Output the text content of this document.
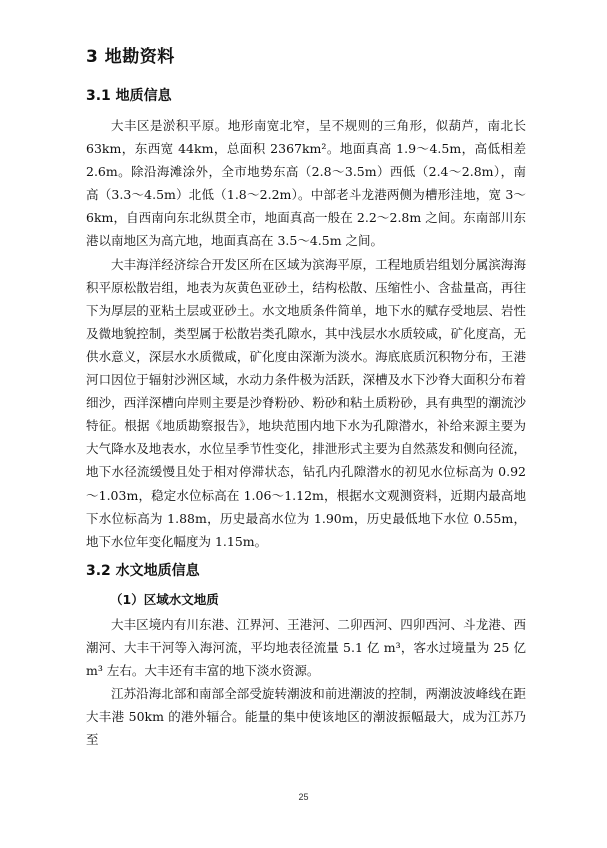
3 地勘资料
3.1 地质信息

大丰区是淤积平原。地形南宽北窄，呈不规则的三角形，似葫芦，南北长63km，东西宽 44km，总面积 2367km²。地面真高 1.9～4.5m，高低相差 2.6m。除沿海滩涂外，全市地势东高（2.8～3.5m）西低（2.4～2.8m），南高（3.3～4.5m）北低（1.8～2.2m）。中部老斗龙港两侧为槽形洼地，宽 3～6km，自西南向东北纵贯全市，地面真高一般在 2.2～2.8m 之间。东南部川东港以南地区为高亢地，地面真高在 3.5～4.5m 之间。

大丰海洋经济综合开发区所在区域为滨海平原，工程地质岩组划分属滨海海积平原松散岩组，地表为灰黄色亚砂土，结构松散、压缩性小、含盐量高，再往下为厚层的亚粘土层或亚砂土。水文地质条件简单，地下水的赋存受地层、岩性及微地貌控制，类型属于松散岩类孔隙水，其中浅层水水质较咸，矿化度高，无供水意义，深层水水质微咸，矿化度由深渐为淡水。海底底质沉积物分布，王港河口因位于辐射沙洲区域，水动力条件极为活跃，深槽及水下沙脊大面积分布着细沙，西洋深槽向岸则主要是沙脊粉砂、粉砂和粘土质粉砂，具有典型的潮流沙特征。根据《地质勘察报告》，地块范围内地下水为孔隙潜水，补给来源主要为大气降水及地表水，水位呈季节性变化，排泄形式主要为自然蒸发和侧向径流，地下水径流缓慢且处于相对停滞状态，钻孔内孔隙潜水的初见水位标高为 0.92～1.03m，稳定水位标高在 1.06～1.12m，根据水文观测资料，近期内最高地下水位标高为 1.88m，历史最高水位为 1.90m，历史最低地下水位 0.55m，地下水位年变化幅度为 1.15m。

3.2 水文地质信息
（1）区域水文地质

大丰区境内有川东港、江界河、王港河、二卯西河、四卯西河、斗龙港、西潮河、大丰干河等入海河流，平均地表径流量 5.1 亿 m³，客水过境量为 25 亿 m³ 左右。大丰还有丰富的地下淡水资源。

江苏沿海北部和南部全部受旋转潮波和前进潮波的控制，两潮波波峰线在距大丰港 50km 的港外辐合。能量的集中使该地区的潮波振幅最大，成为江苏乃至

25
